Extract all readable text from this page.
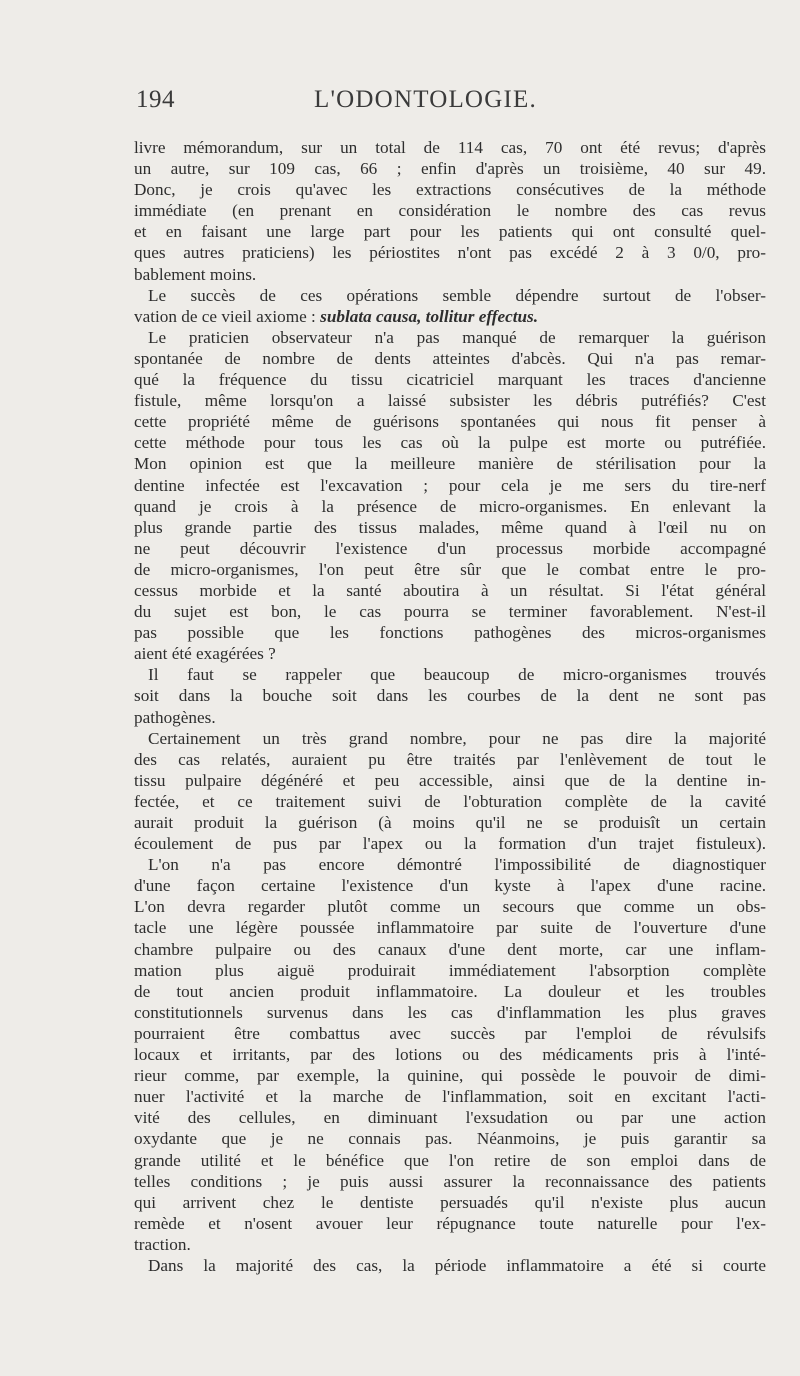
194	L'ODONTOLOGIE.
livre mémorandum, sur un total de 114 cas, 70 ont été revus; d'après
un autre, sur 109 cas, 66 ; enfin d'après un troisième, 40 sur 49.
Donc, je crois qu'avec les extractions consécutives de la méthode
immédiate (en prenant en considération le nombre des cas revus
et en faisant une large part pour les patients qui ont consulté quel-
ques autres praticiens) les périostites n'ont pas excédé 2 à 3 0/0, pro-
bablement moins.
Le succès de ces opérations semble dépendre surtout de l'obser-
vation de ce vieil axiome : sublata causa, tollitur effectus.
Le praticien observateur n'a pas manqué de remarquer la guérison
spontanée de nombre de dents atteintes d'abcès. Qui n'a pas remar-
qué la fréquence du tissu cicatriciel marquant les traces d'ancienne
fistule, même lorsqu'on a laissé subsister les débris putréfiés? C'est
cette propriété même de guérisons spontanées qui nous fit penser à
cette méthode pour tous les cas où la pulpe est morte ou putréfiée.
Mon opinion est que la meilleure manière de stérilisation pour la
dentine infectée est l'excavation ; pour cela je me sers du tire-nerf
quand je crois à la présence de micro-organismes. En enlevant la
plus grande partie des tissus malades, même quand à l'œil nu on
ne peut découvrir l'existence d'un processus morbide accompagné
de micro-organismes, l'on peut être sûr que le combat entre le pro-
cessus morbide et la santé aboutira à un résultat. Si l'état général
du sujet est bon, le cas pourra se terminer favorablement. N'est-il
pas possible que les fonctions pathogènes des micros-organismes
aient été exagérées ?
Il faut se rappeler que beaucoup de micro-organismes trouvés
soit dans la bouche soit dans les courbes de la dent ne sont pas
pathogènes.
Certainement un très grand nombre, pour ne pas dire la majorité
des cas relatés, auraient pu être traités par l'enlèvement de tout le
tissu pulpaire dégénéré et peu accessible, ainsi que de la dentine in-
fectée, et ce traitement suivi de l'obturation complète de la cavité
aurait produit la guérison (à moins qu'il ne se produisît un certain
écoulement de pus par l'apex ou la formation d'un trajet fistuleux).
L'on n'a pas encore démontré l'impossibilité de diagnostiquer
d'une façon certaine l'existence d'un kyste à l'apex d'une racine.
L'on devra regarder plutôt comme un secours que comme un obs-
tacle une légère poussée inflammatoire par suite de l'ouverture d'une
chambre pulpaire ou des canaux d'une dent morte, car une inflam-
mation plus aiguë produirait immédiatement l'absorption complète
de tout ancien produit inflammatoire. La douleur et les troubles
constitutionnels survenus dans les cas d'inflammation les plus graves
pourraient être combattus avec succès par l'emploi de révulsifs
locaux et irritants, par des lotions ou des médicaments pris à l'inté-
rieur comme, par exemple, la quinine, qui possède le pouvoir de dimi-
nuer l'activité et la marche de l'inflammation, soit en excitant l'acti-
vité des cellules, en diminuant l'exsudation ou par une action
oxydante que je ne connais pas. Néanmoins, je puis garantir sa
grande utilité et le bénéfice que l'on retire de son emploi dans de
telles conditions ; je puis aussi assurer la reconnaissance des patients
qui arrivent chez le dentiste persuadés qu'il n'existe plus aucun
remède et n'osent avouer leur répugnance toute naturelle pour l'ex-
traction.
Dans la majorité des cas, la période inflammatoire a été si courte
